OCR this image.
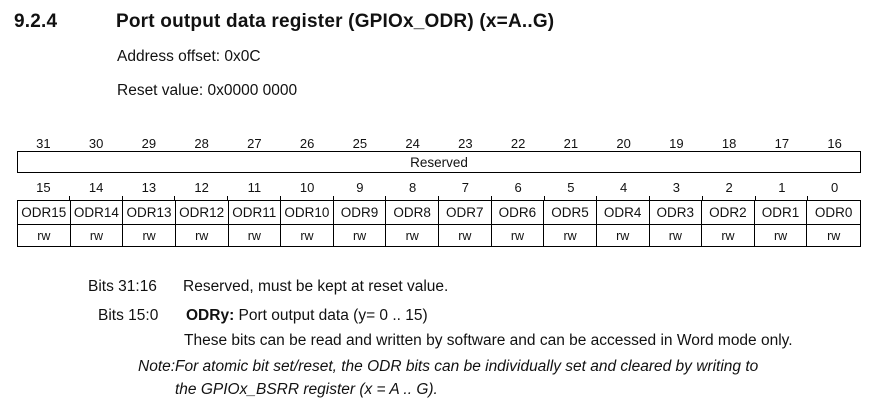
9.2.4	Port output data register (GPIOx_ODR) (x=A..G)
Address offset: 0x0C
Reset value: 0x0000 0000
31	30	29	28	27	26	25	24	23	22	21	20	19	18	17	16
Reserved
15	14	13	12	11	10	9	8	7	6	5	4	3	2	1	0
ODR15 ODR14 ODR13 ODR12 ODR11 ODR10 ODR9	ODR8	ODR7	ODR6	ODR5	ODR4	ODR3	ODR2	ODR1	ODR0
rw	rw	rw	rw	rw	rw	rw	rw	rw	rw	rw	rw	rw	rw	rw	rw
Bits 31:16 Reserved, must be kept at reset value.
Bits 15:0 ODRy: Port output data (y= 0 .. 15)
These bits can be read and written by software and can be accessed in Word mode only.
Note: For atomic bit set/reset, the ODR bits can be individually set and cleared by writing to
the GPIOx_BSRR register (x = A .. G).
